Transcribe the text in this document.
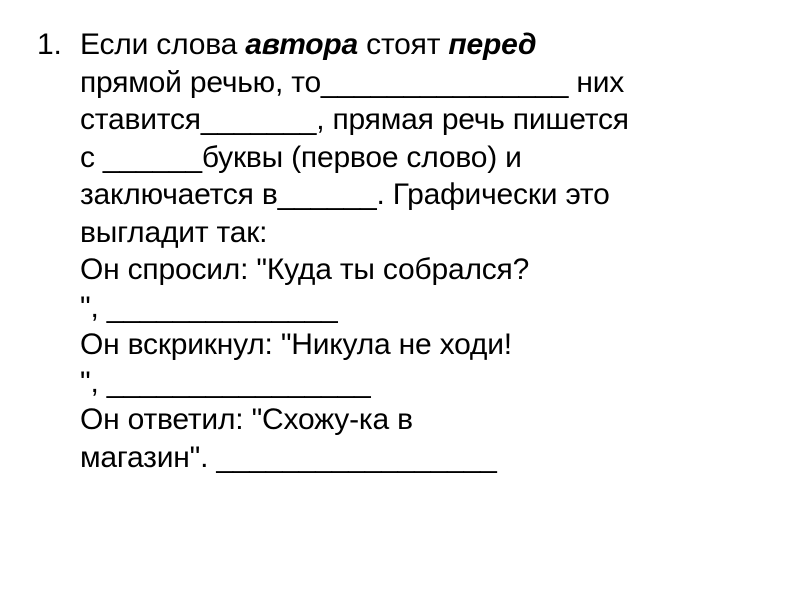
1. Если слова автора стоят перед
прямой речью, то_______________ них
ставится_______, прямая речь пишется
с ______буквы (первое слово) и
заключается в______. Графически это
выгладит так:
Он спросил: "Куда ты собрался?
", ______________
Он вскрикнул: "Никула не ходи!
", ________________
Он ответил: "Схожу-ка в
магазин". _________________
